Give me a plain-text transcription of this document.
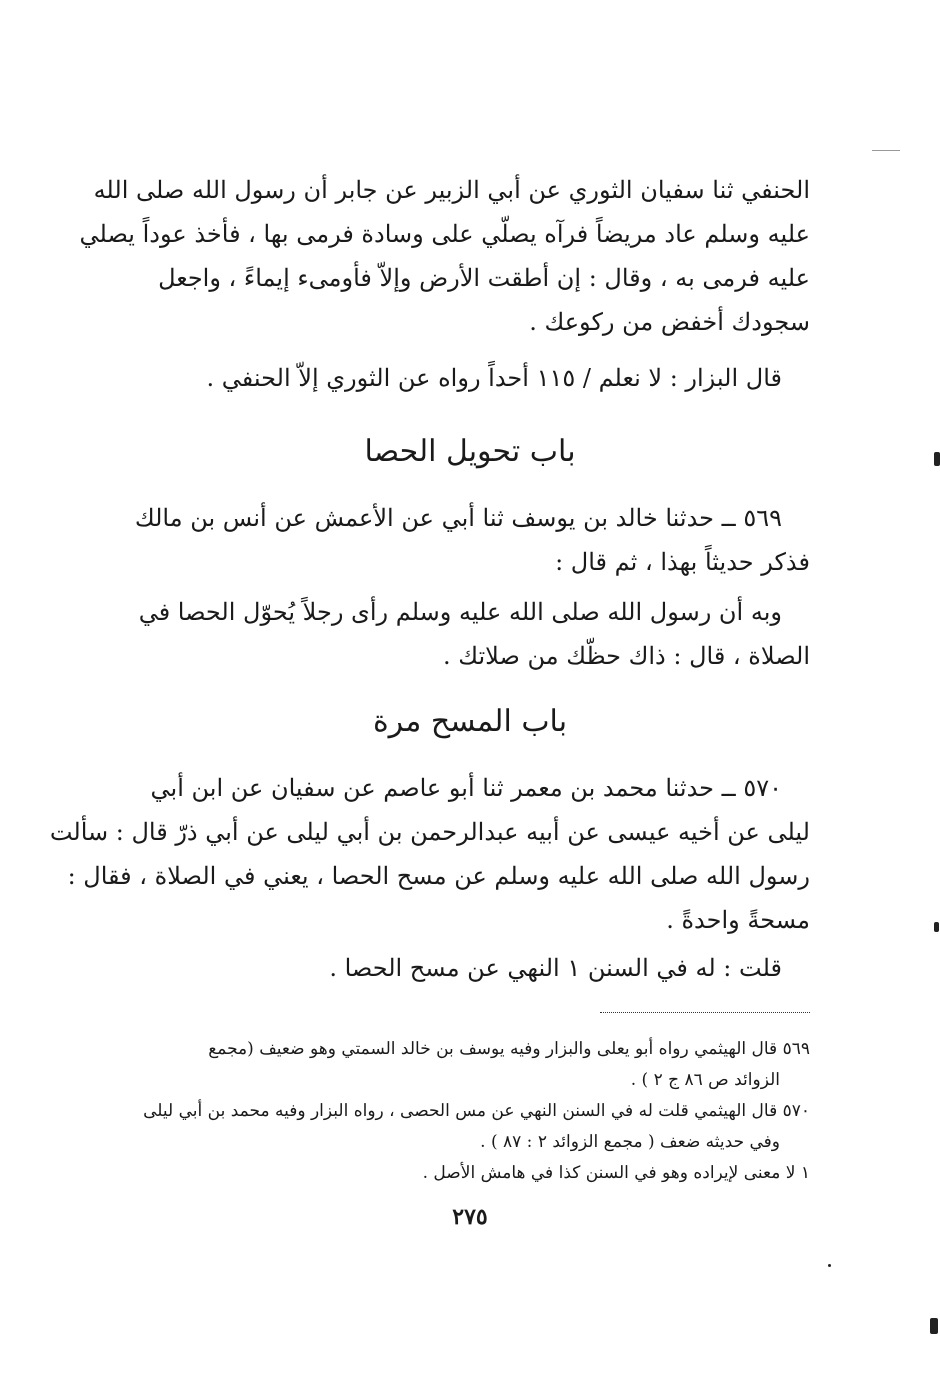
الحنفي ثنا سفيان الثوري عن أبي الزبير عن جابر أن رسول الله صلى الله
عليه وسلم عاد مريضاً فرآه يصلّي على وسادة فرمى بها ، فأخذ عوداً يصلي
عليه فرمى به ، وقال : إن أطقت الأرض وإلاّ فأومىء إيماءً ، واجعل
سجودك أخفض من ركوعك .
قال البزار : لا نعلم / ١١٥ أحداً رواه عن الثوري إلاّ الحنفي .
باب تحويل الحصا
٥٦٩ ــ حدثنا خالد بن يوسف ثنا أبي عن الأعمش عن أنس بن مالك
فذكر حديثاً بهذا ، ثم قال :
وبه أن رسول الله صلى الله عليه وسلم رأى رجلاً يُحوّل الحصا في
الصلاة ، قال : ذاك حظّك من صلاتك .
باب المسح مرة
٥٧٠ ــ حدثنا محمد بن معمر ثنا أبو عاصم عن سفيان عن ابن أبي
ليلى عن أخيه عيسى عن أبيه عبدالرحمن بن أبي ليلى عن أبي ذرّ قال : سألت
رسول الله صلى الله عليه وسلم عن مسح الحصا ، يعني في الصلاة ، فقال :
مسحةً واحدةً .
قلت : له في السنن ١ النهي عن مسح الحصا .
٥٦٩ قال الهيثمي رواه أبو يعلى والبزار وفيه يوسف بن خالد السمتي وهو ضعيف (مجمع
الزوائد ص ٨٦ ج ٢ ) .
٥٧٠ قال الهيثمي قلت له في السنن النهي عن مس الحصى ، رواه البزار وفيه محمد بن أبي ليلى
وفي حديثه ضعف ( مجمع الزوائد ٢ : ٨٧ ) .
١ لا معنى لإيراده وهو في السنن كذا في هامش الأصل .
٢٧٥
